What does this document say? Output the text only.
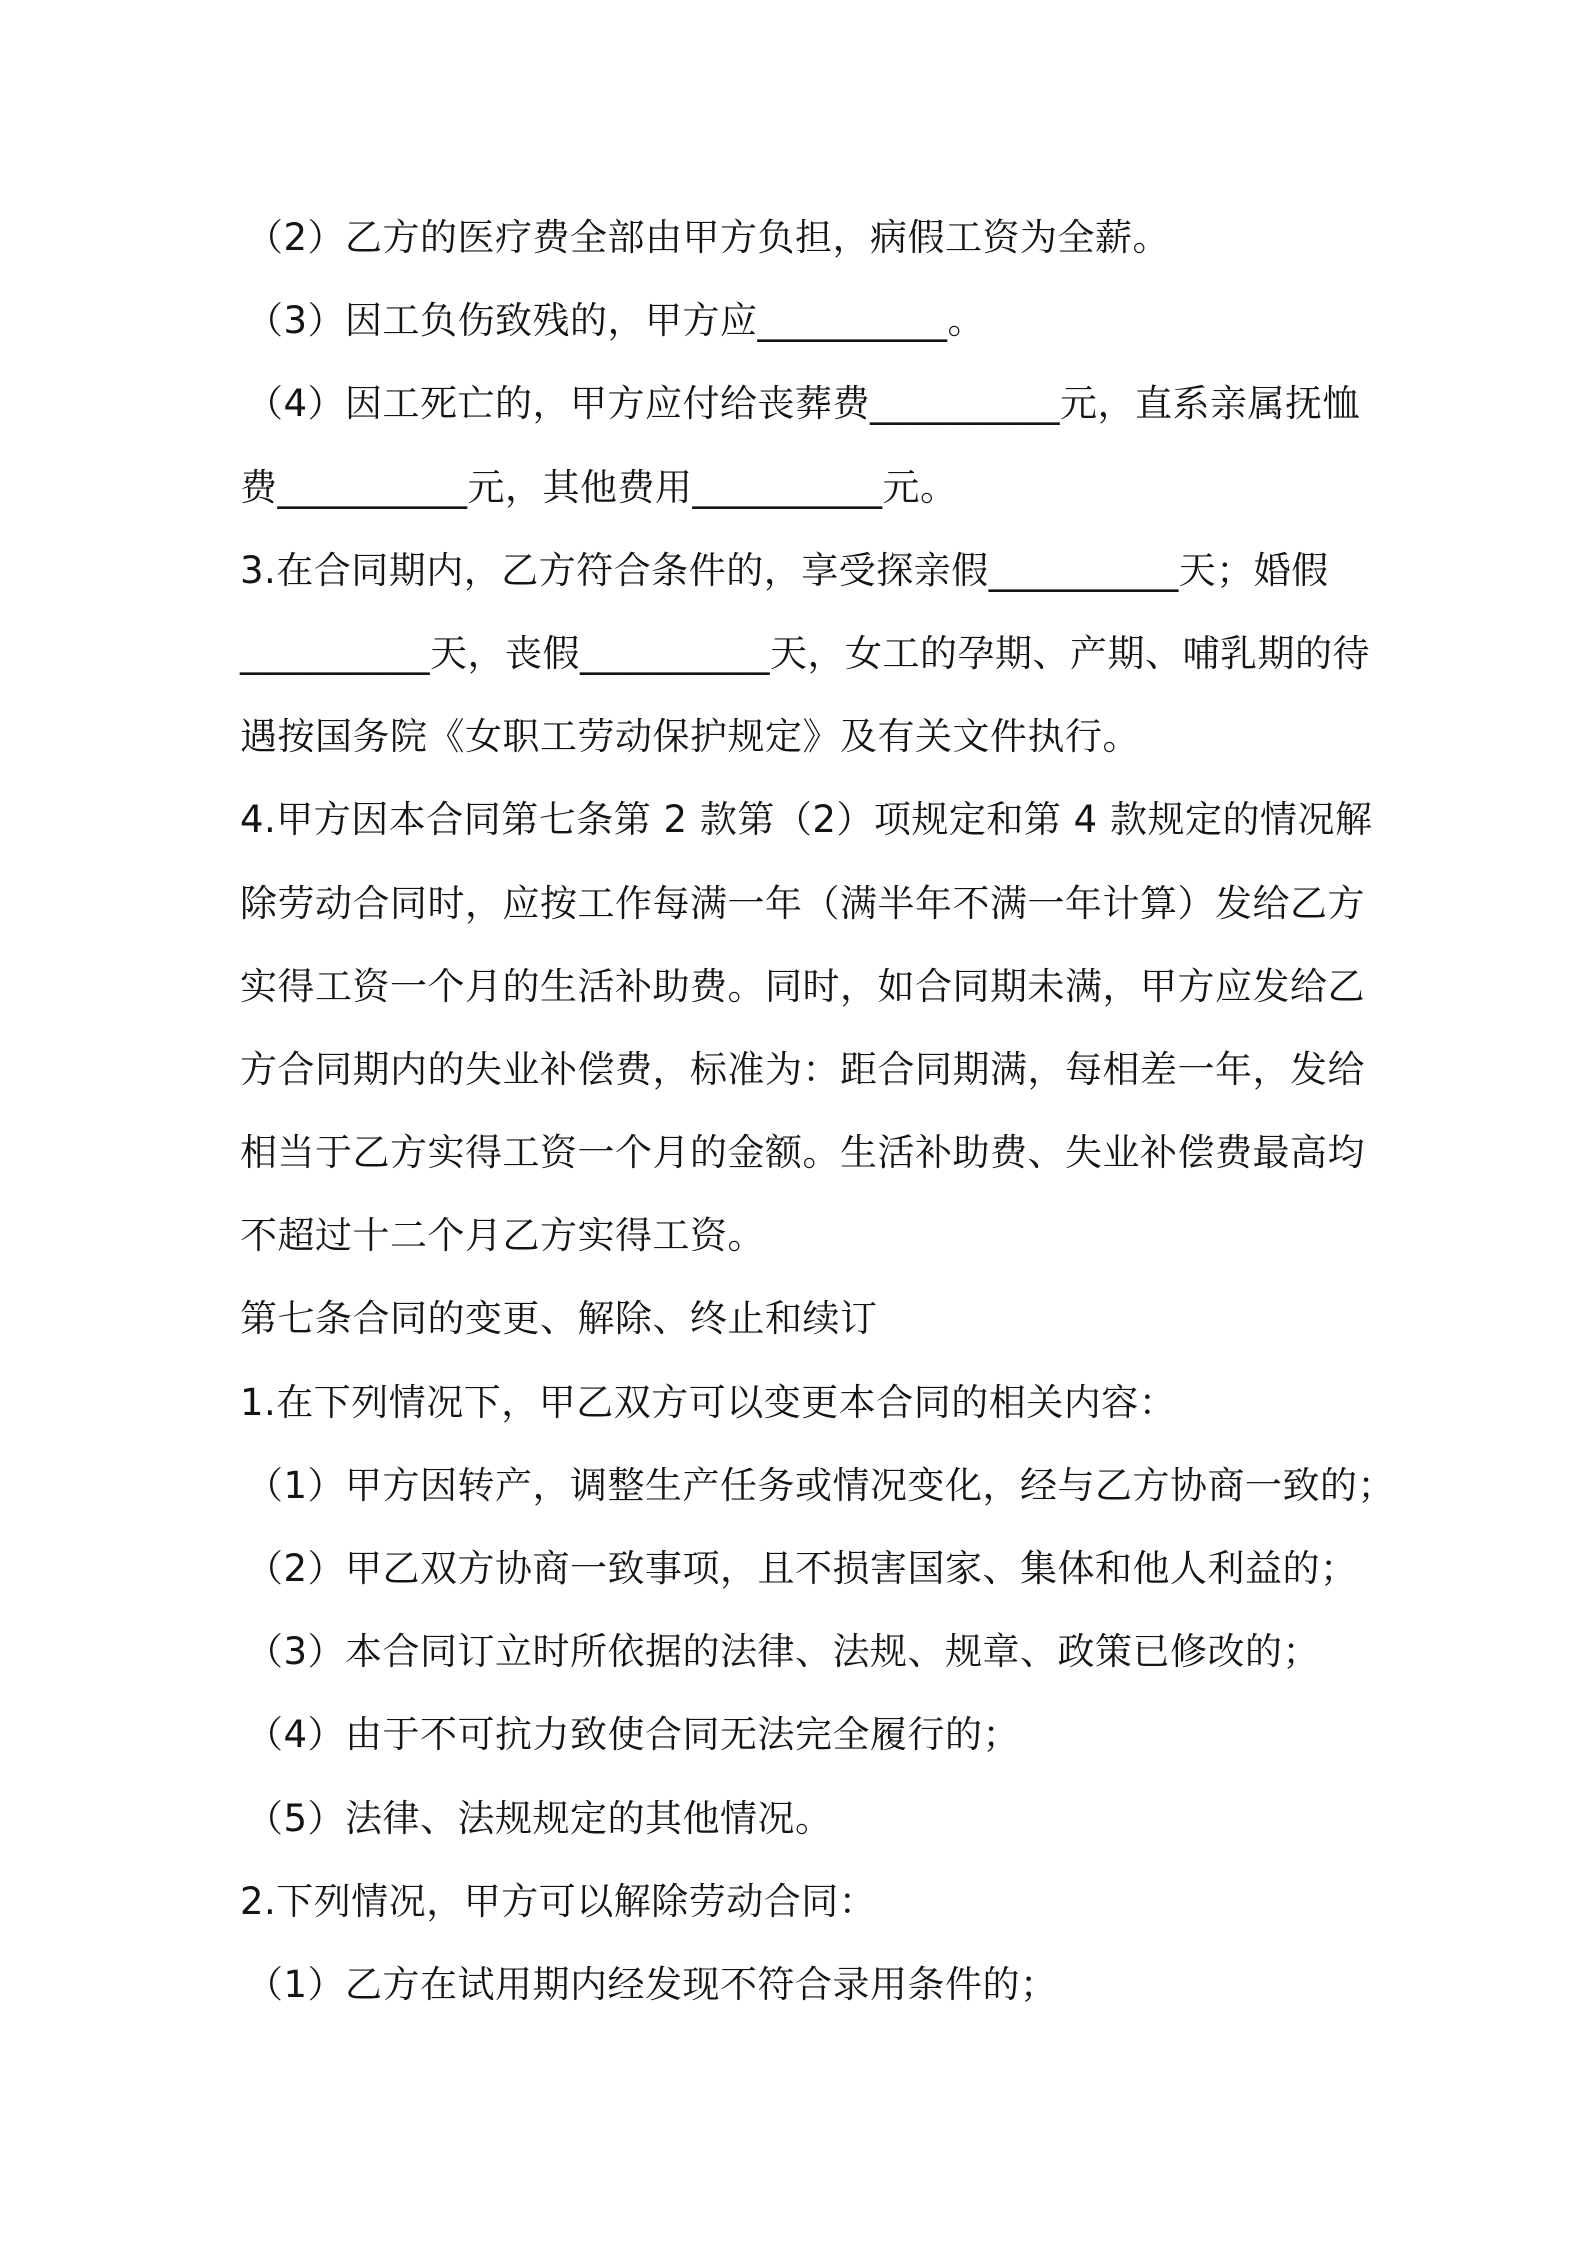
（2）乙方的医疗费全部由甲方负担，病假工资为全薪。
（3）因工负伤致残的，甲方应__________。
（4）因工死亡的，甲方应付给丧葬费__________元，直系亲属抚恤
费__________元，其他费用__________元。
3.在合同期内，乙方符合条件的，享受探亲假__________天；婚假
__________天，丧假__________天，女工的孕期、产期、哺乳期的待
遇按国务院《女职工劳动保护规定》及有关文件执行。
4.甲方因本合同第七条第 2 款第（2）项规定和第 4 款规定的情况解
除劳动合同时，应按工作每满一年（满半年不满一年计算）发给乙方
实得工资一个月的生活补助费。同时，如合同期未满，甲方应发给乙
方合同期内的失业补偿费，标准为：距合同期满，每相差一年，发给
相当于乙方实得工资一个月的金额。生活补助费、失业补偿费最高均
不超过十二个月乙方实得工资。
第七条合同的变更、解除、终止和续订
1.在下列情况下，甲乙双方可以变更本合同的相关内容：
（1）甲方因转产，调整生产任务或情况变化，经与乙方协商一致的；
（2）甲乙双方协商一致事项，且不损害国家、集体和他人利益的；
（3）本合同订立时所依据的法律、法规、规章、政策已修改的；
（4）由于不可抗力致使合同无法完全履行的；
（5）法律、法规规定的其他情况。
2.下列情况，甲方可以解除劳动合同：
（1）乙方在试用期内经发现不符合录用条件的；
